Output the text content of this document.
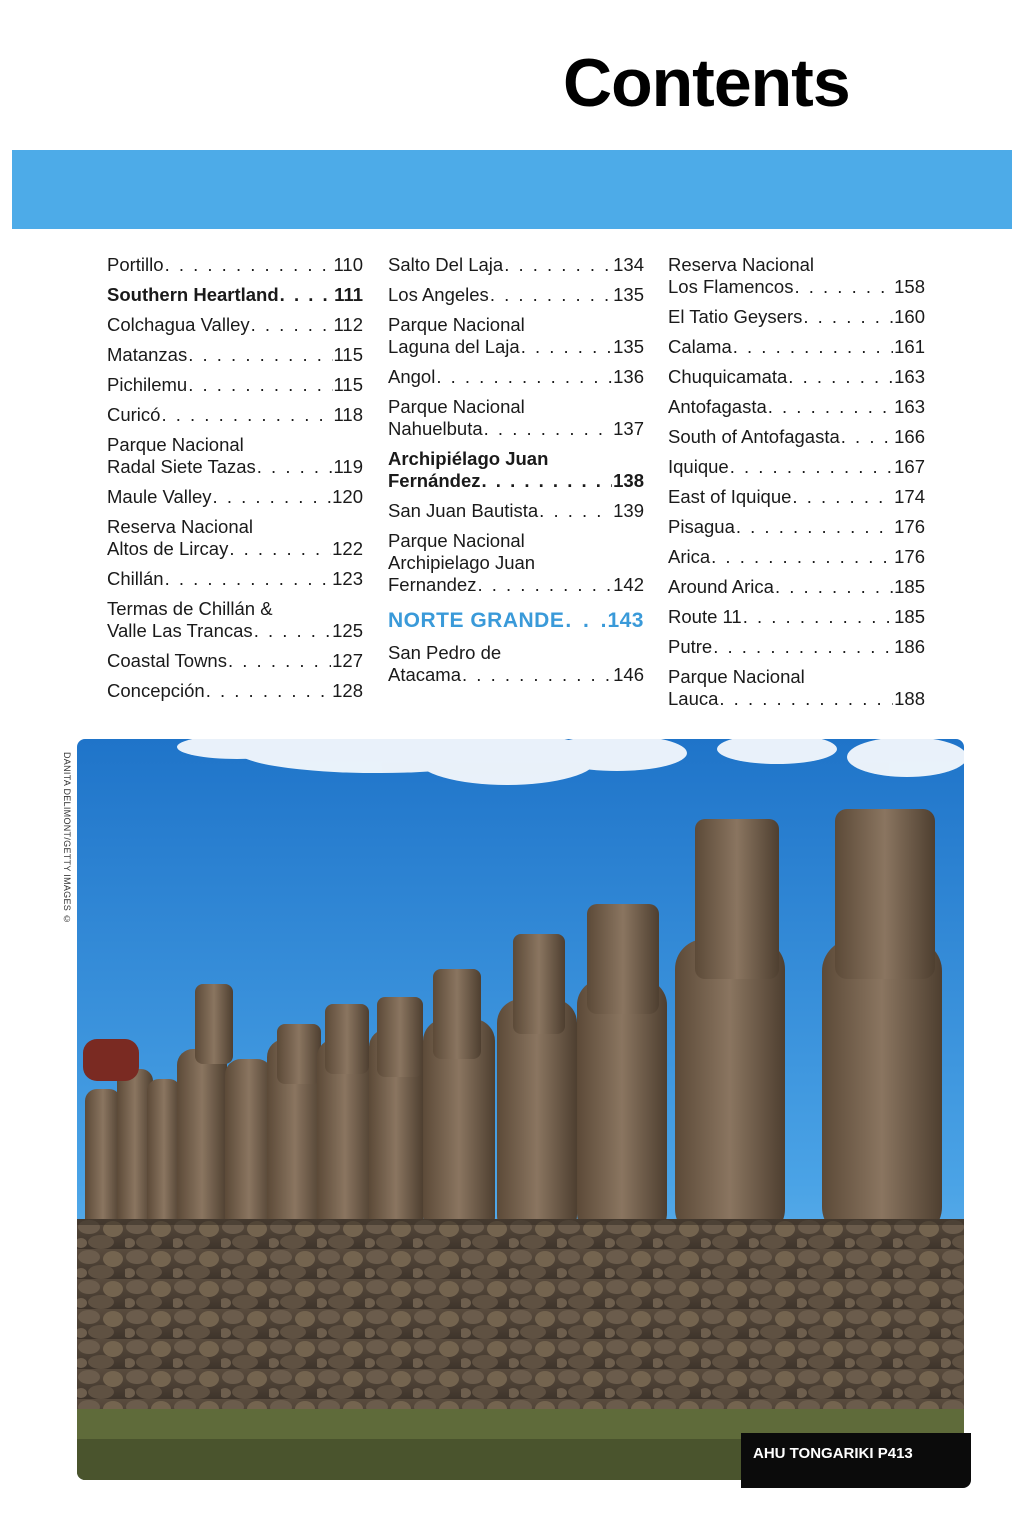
Contents
Portillo . . .	110
Southern Heartland . . .	111
Colchagua Valley . . .	112
Matanzas . . .	115
Pichilemu . . .	115
Curicó . . .	118
Parque Nacional
Radal Siete Tazas . . .	119
Maule Valley . . .	120
Reserva Nacional
Altos de Lircay . . .	122
Chillán . . .	123
Termas de Chillán &
Valle Las Trancas . . .	125
Coastal Towns . . .	127
Concepción . . .	128
Salto Del Laja . . .	134
Los Angeles . . .	135
Parque Nacional
Laguna del Laja . . .	135
Angol . . .	136
Parque Nacional
Nahuelbuta . . .	137
Archipiélago Juan
Fernández . . .	138
San Juan Bautista . . .	139
Parque Nacional
Archipielago Juan
Fernandez . . .	142
NORTE GRANDE . . . 143
San Pedro de
Atacama . . .	146
Reserva Nacional
Los Flamencos . . .	158
El Tatio Geysers . . .	160
Calama . . .	161
Chuquicamata . . .	163
Antofagasta . . .	163
South of Antofagasta . . .	166
Iquique . . .	167
East of Iquique . . .	174
Pisagua . . .	176
Arica . . .	176
Around Arica . . .	185
Route 11 . . .	185
Putre . . .	186
Parque Nacional
Lauca . . .	188
DANITA DELIMONT/GETTY IMAGES ©
AHU TONGARIKI P413
